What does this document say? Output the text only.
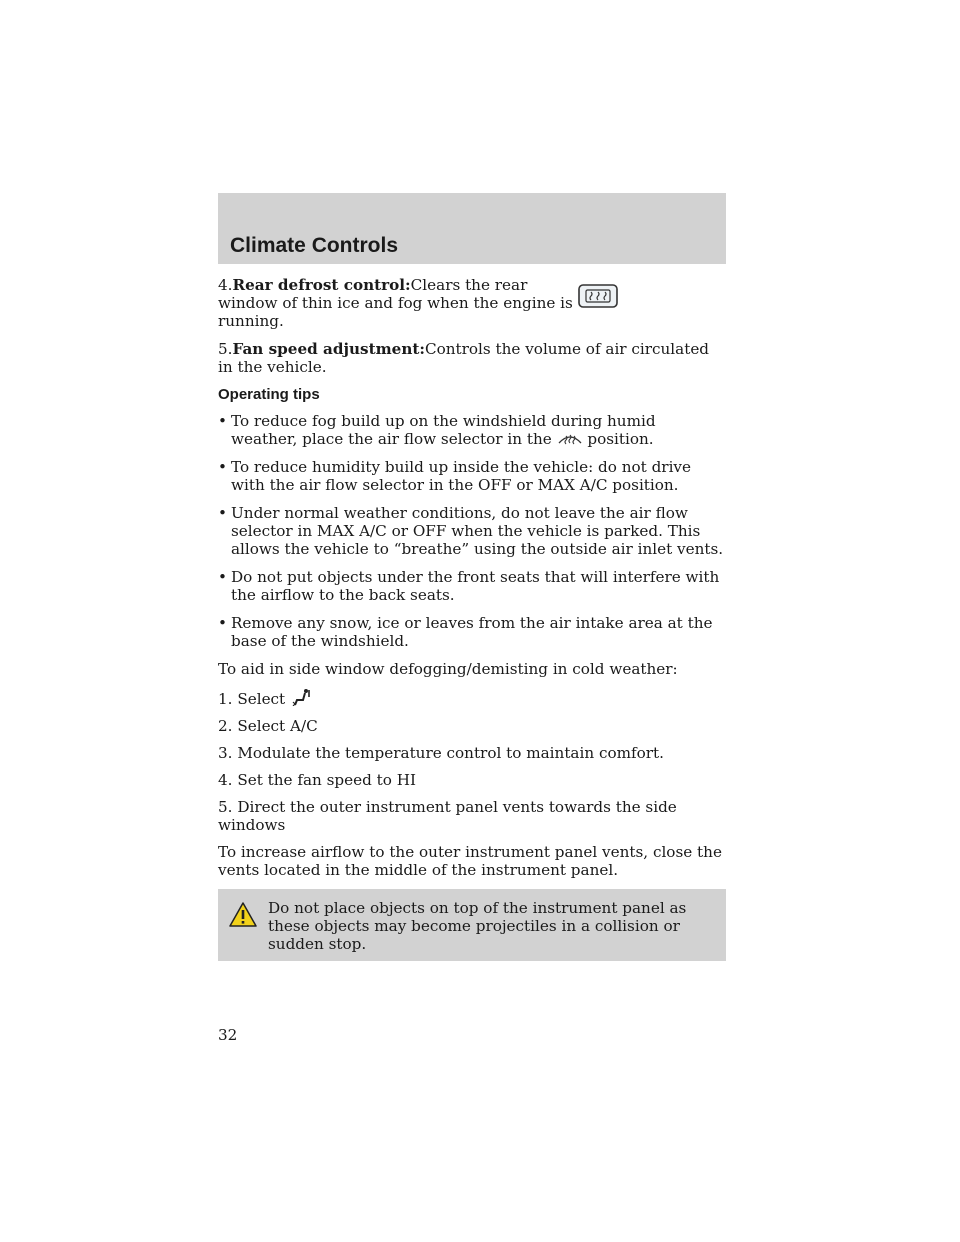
Climate Controls

4.Rear defrost control:Clears the rear window of thin ice and fog when the engine is running.

5.Fan speed adjustment:Controls the volume of air circulated in the vehicle.

Operating tips
• To reduce fog build up on the windshield during humid weather, place the air flow selector in the  position.
• To reduce humidity build up inside the vehicle: do not drive with the air flow selector in the OFF or MAX A/C position.
• Under normal weather conditions, do not leave the air flow selector in MAX A/C or OFF when the vehicle is parked. This allows the vehicle to “breathe” using the outside air inlet vents.
• Do not put objects under the front seats that will interfere with the airflow to the back seats.
• Remove any snow, ice or leaves from the air intake area at the base of the windshield.

To aid in side window defogging/demisting in cold weather:

1. Select

2. Select A/C

3. Modulate the temperature control to maintain comfort.

4. Set the fan speed to HI

5. Direct the outer instrument panel vents towards the side windows

To increase airflow to the outer instrument panel vents, close the vents located in the middle of the instrument panel.

Do not place objects on top of the instrument panel as these objects may become projectiles in a collision or sudden stop.
32
